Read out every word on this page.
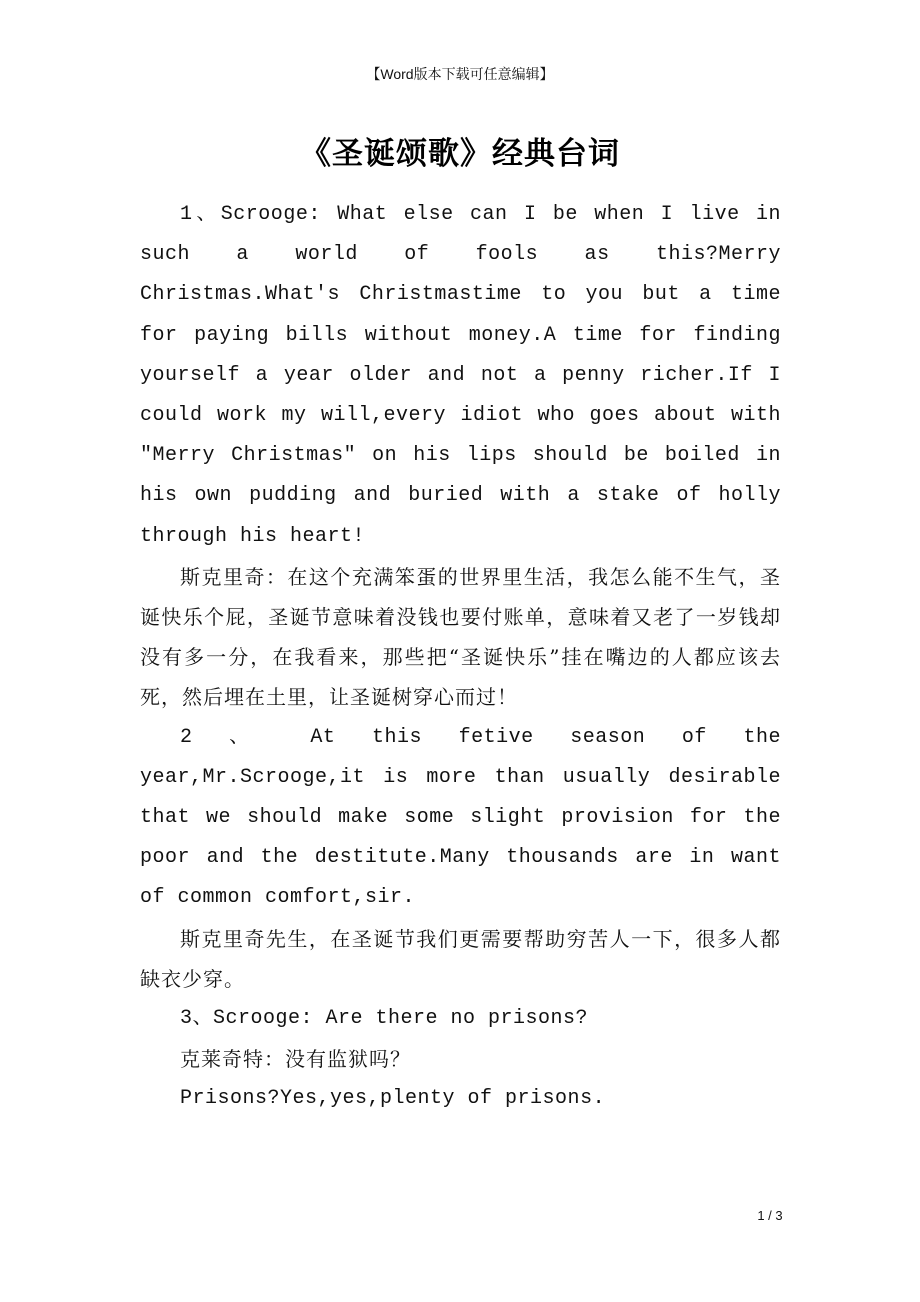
【Word版本下载可任意编辑】
《圣诞颂歌》经典台词

1、Scrooge: What else can I be when I live in such a world of fools as this?Merry Christmas.What's Christmastime to you but a time for paying bills without money.A time for finding yourself a year older and not a penny richer.If I could work my will,every idiot who goes about with "Merry Christmas" on his lips should be boiled in his own pudding and buried with a stake of holly through his heart!

斯克里奇：在这个充满笨蛋的世界里生活，我怎么能不生气，圣诞快乐个屁，圣诞节意味着没钱也要付账单，意味着又老了一岁钱却没有多一分，在我看来，那些把“圣诞快乐”挂在嘴边的人都应该去死，然后埋在土里，让圣诞树穿心而过！

2 、 At this fetive season of the year,Mr.Scrooge,it is more than usually desirable that we should make some slight provision for the poor and the destitute.Many thousands are in want of common comfort,sir.

斯克里奇先生，在圣诞节我们更需要帮助穷苦人一下，很多人都缺衣少穿。

3、Scrooge: Are there no prisons?

克莱奇特：没有监狱吗？

Prisons?Yes,yes,plenty of prisons.

1 / 3
